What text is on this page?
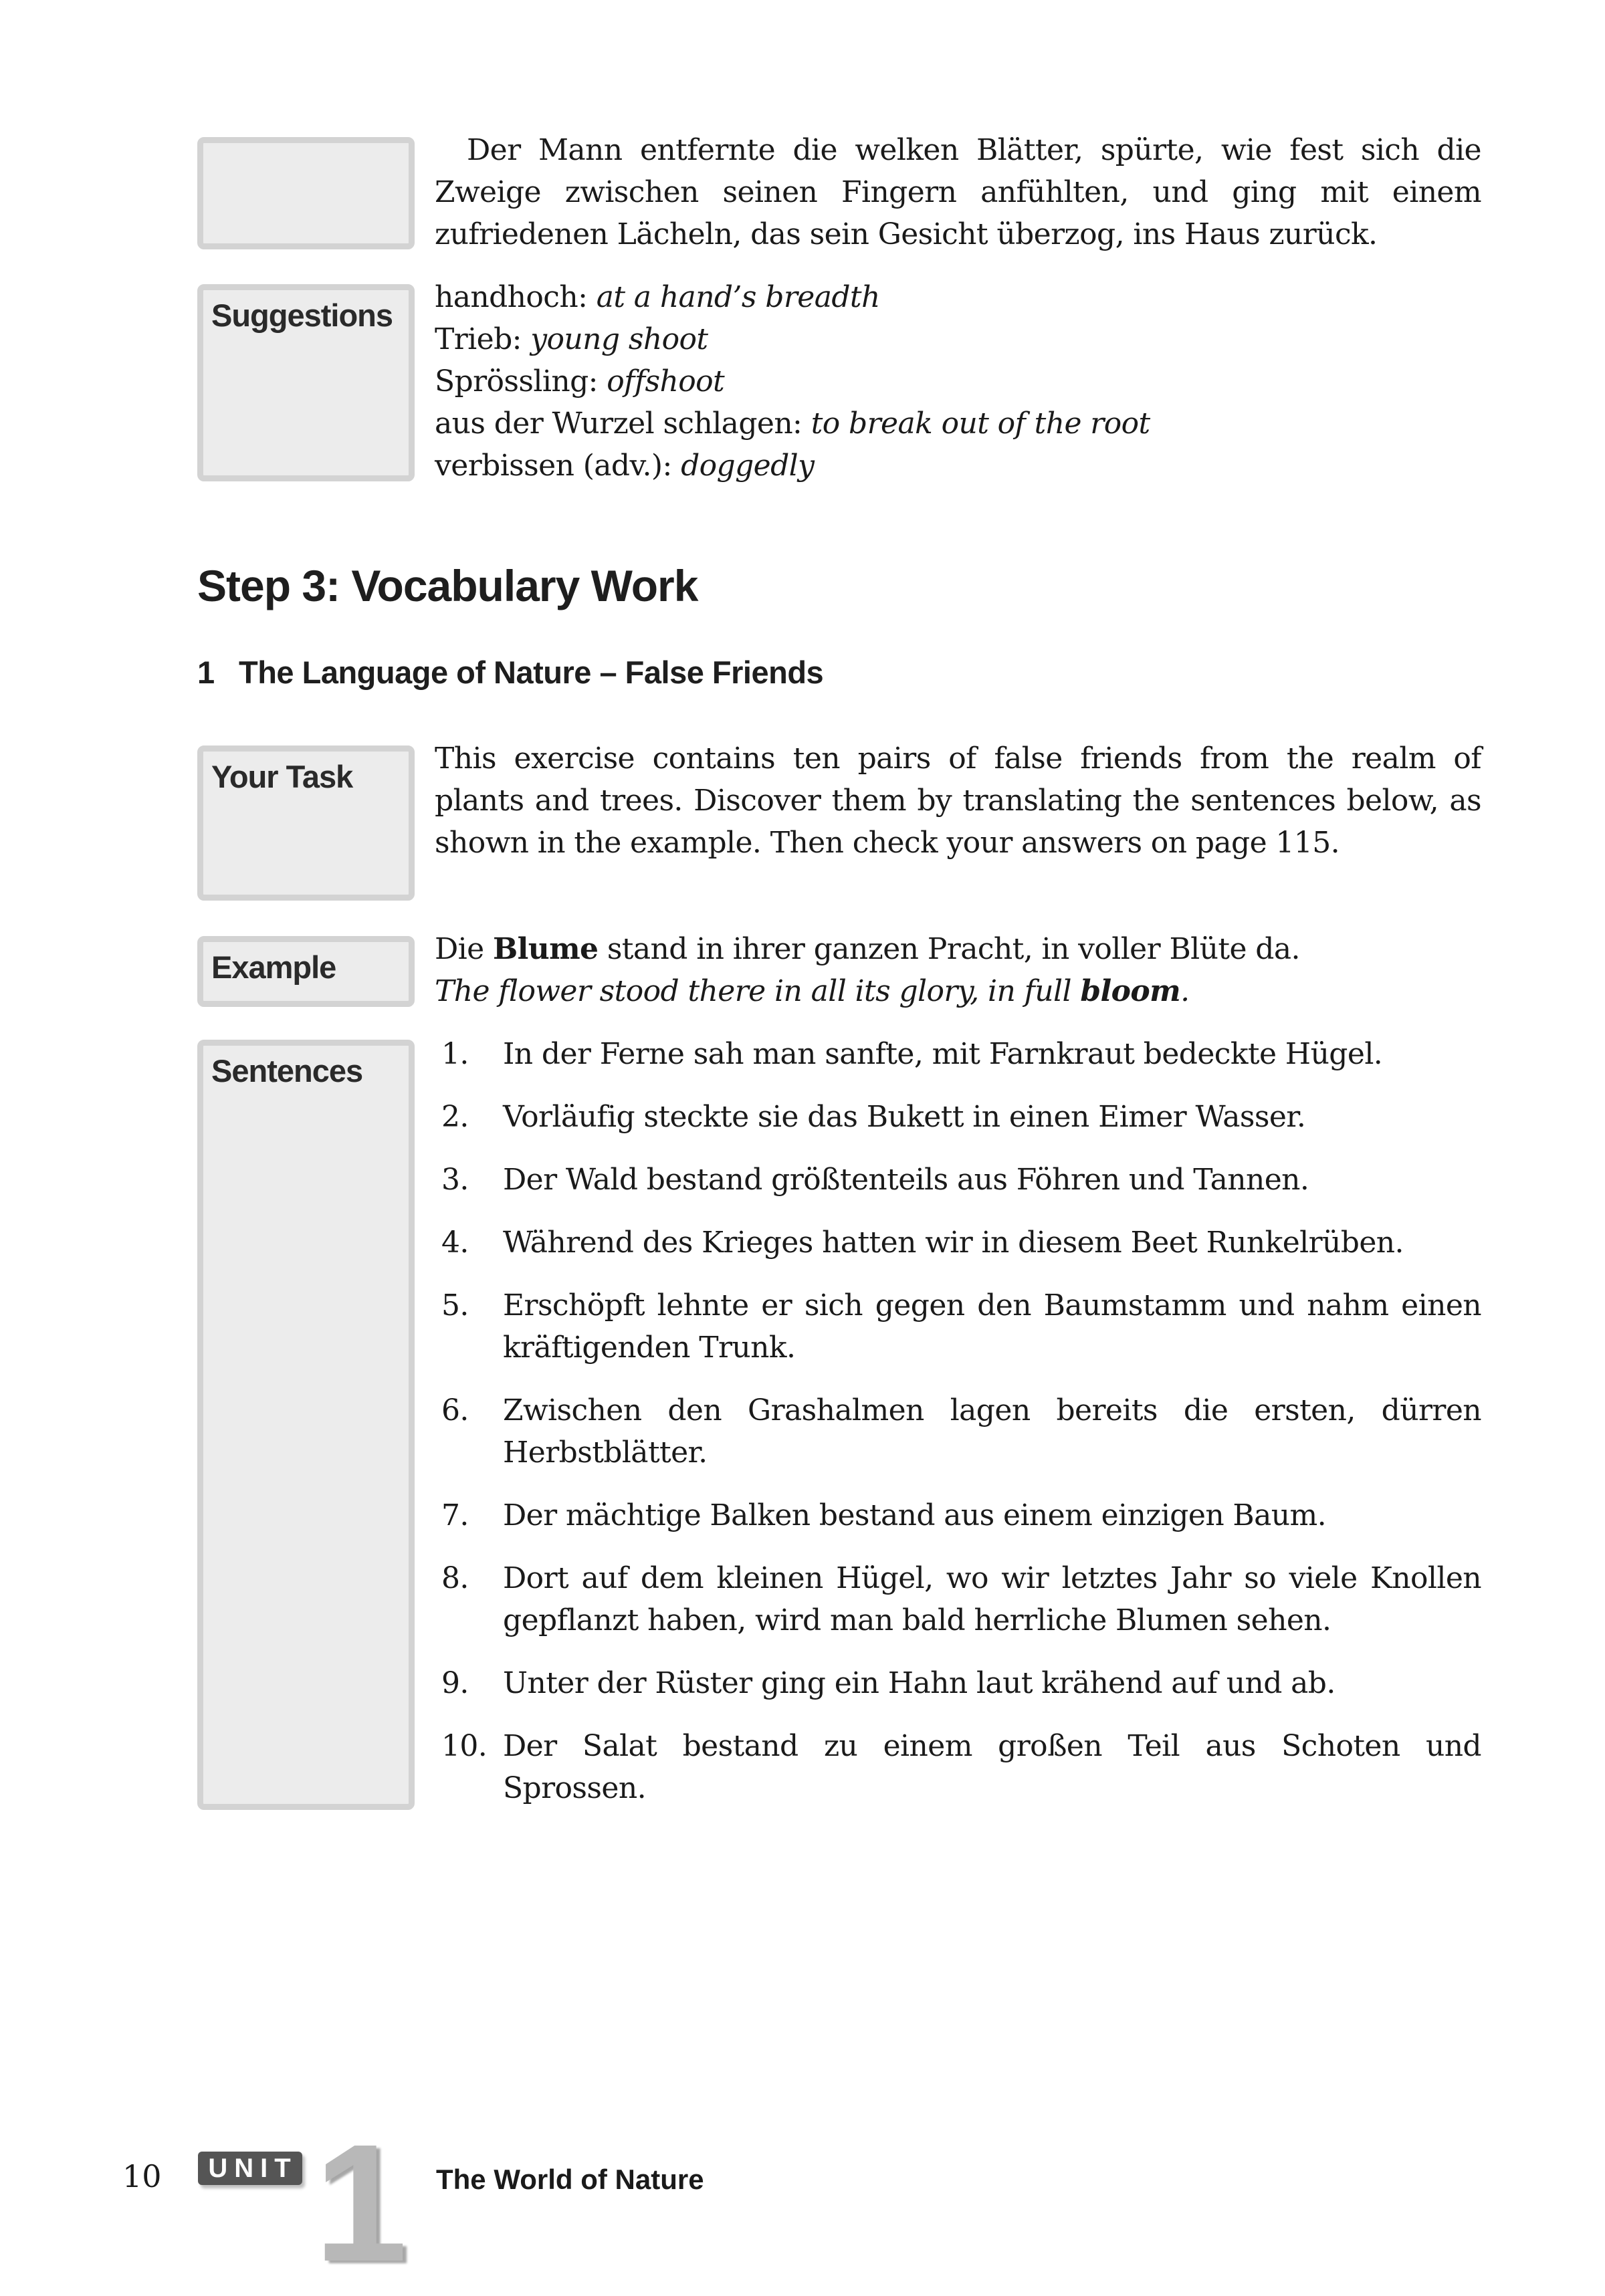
Der Mann entfernte die welken Blätter, spürte, wie fest sich die Zweige zwischen seinen Fingern anfühlten, und ging mit einem zufriedenen Lächeln, das sein Gesicht überzog, ins Haus zurück.
Suggestions
handhoch: at a hand’s breadth
Trieb: young shoot
Sprössling: offshoot
aus der Wurzel schlagen: to break out of the root
verbissen (adv.): doggedly
Step 3: Vocabulary Work
1 The Language of Nature – False Friends
Your Task
This exercise contains ten pairs of false friends from the realm of plants and trees. Discover them by translating the sentences below, as shown in the example. Then check your answers on page 115.
Example
Die Blume stand in ihrer ganzen Pracht, in voller Blüte da.
The flower stood there in all its glory, in full bloom.
Sentences	1.	In der Ferne sah man sanfte, mit Farnkraut bedeckte Hügel.
2.	Vorläufig steckte sie das Bukett in einen Eimer Wasser.
3.	Der Wald bestand größtenteils aus Föhren und Tannen.
4.	Während des Krieges hatten wir in diesem Beet Runkelrüben.
5.	Erschöpft lehnte er sich gegen den Baumstamm und nahm einen kräftigenden Trunk.
6.	Zwischen den Grashalmen lagen bereits die ersten, dürren Herbstblätter.
7.	Der mächtige Balken bestand aus einem einzigen Baum.
8.	Dort auf dem kleinen Hügel, wo wir letztes Jahr so viele Knollen gepflanzt haben, wird man bald herrliche Blumen sehen.
9.	Unter der Rüster ging ein Hahn laut krähend auf und ab.
10. Der Salat bestand zu einem großen Teil aus Schoten und Sprossen.
10	UNIT 1 The World of Nature
